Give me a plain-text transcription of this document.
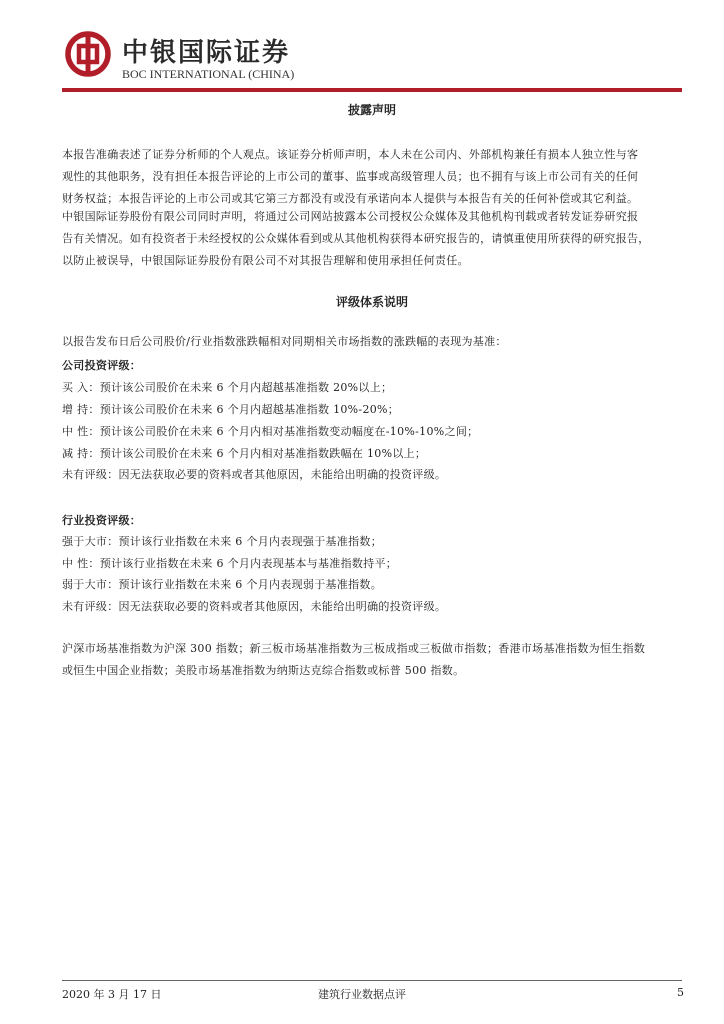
中银国际证券
BOC INTERNATIONAL (CHINA)
披露声明
本报告准确表述了证券分析师的个人观点。该证券分析师声明，本人未在公司内、外部机构兼任有损本人独立性与客
观性的其他职务，没有担任本报告评论的上市公司的董事、监事或高级管理人员；也不拥有与该上市公司有关的任何
财务权益；本报告评论的上市公司或其它第三方都没有或没有承诺向本人提供与本报告有关的任何补偿或其它利益。
中银国际证券股份有限公司同时声明，将通过公司网站披露本公司授权公众媒体及其他机构刊载或者转发证券研究报
告有关情况。如有投资者于未经授权的公众媒体看到或从其他机构获得本研究报告的，请慎重使用所获得的研究报告，
以防止被误导，中银国际证券股份有限公司不对其报告理解和使用承担任何责任。
评级体系说明
以报告发布日后公司股价/行业指数涨跌幅相对同期相关市场指数的涨跌幅的表现为基准：
公司投资评级：
买 入：预计该公司股价在未来 6 个月内超越基准指数 20%以上；
增 持：预计该公司股价在未来 6 个月内超越基准指数 10%-20%；
中 性：预计该公司股价在未来 6 个月内相对基准指数变动幅度在-10%-10%之间；
减 持：预计该公司股价在未来 6 个月内相对基准指数跌幅在 10%以上；
未有评级：因无法获取必要的资料或者其他原因，未能给出明确的投资评级。
行业投资评级：
强于大市：预计该行业指数在未来 6 个月内表现强于基准指数；
中 性：预计该行业指数在未来 6 个月内表现基本与基准指数持平；
弱于大市：预计该行业指数在未来 6 个月内表现弱于基准指数。
未有评级：因无法获取必要的资料或者其他原因，未能给出明确的投资评级。
沪深市场基准指数为沪深 300 指数；新三板市场基准指数为三板成指或三板做市指数；香港市场基准指数为恒生指数
或恒生中国企业指数；美股市场基准指数为纳斯达克综合指数或标普 500 指数。
2020 年 3 月 17 日	建筑行业数据点评	5
